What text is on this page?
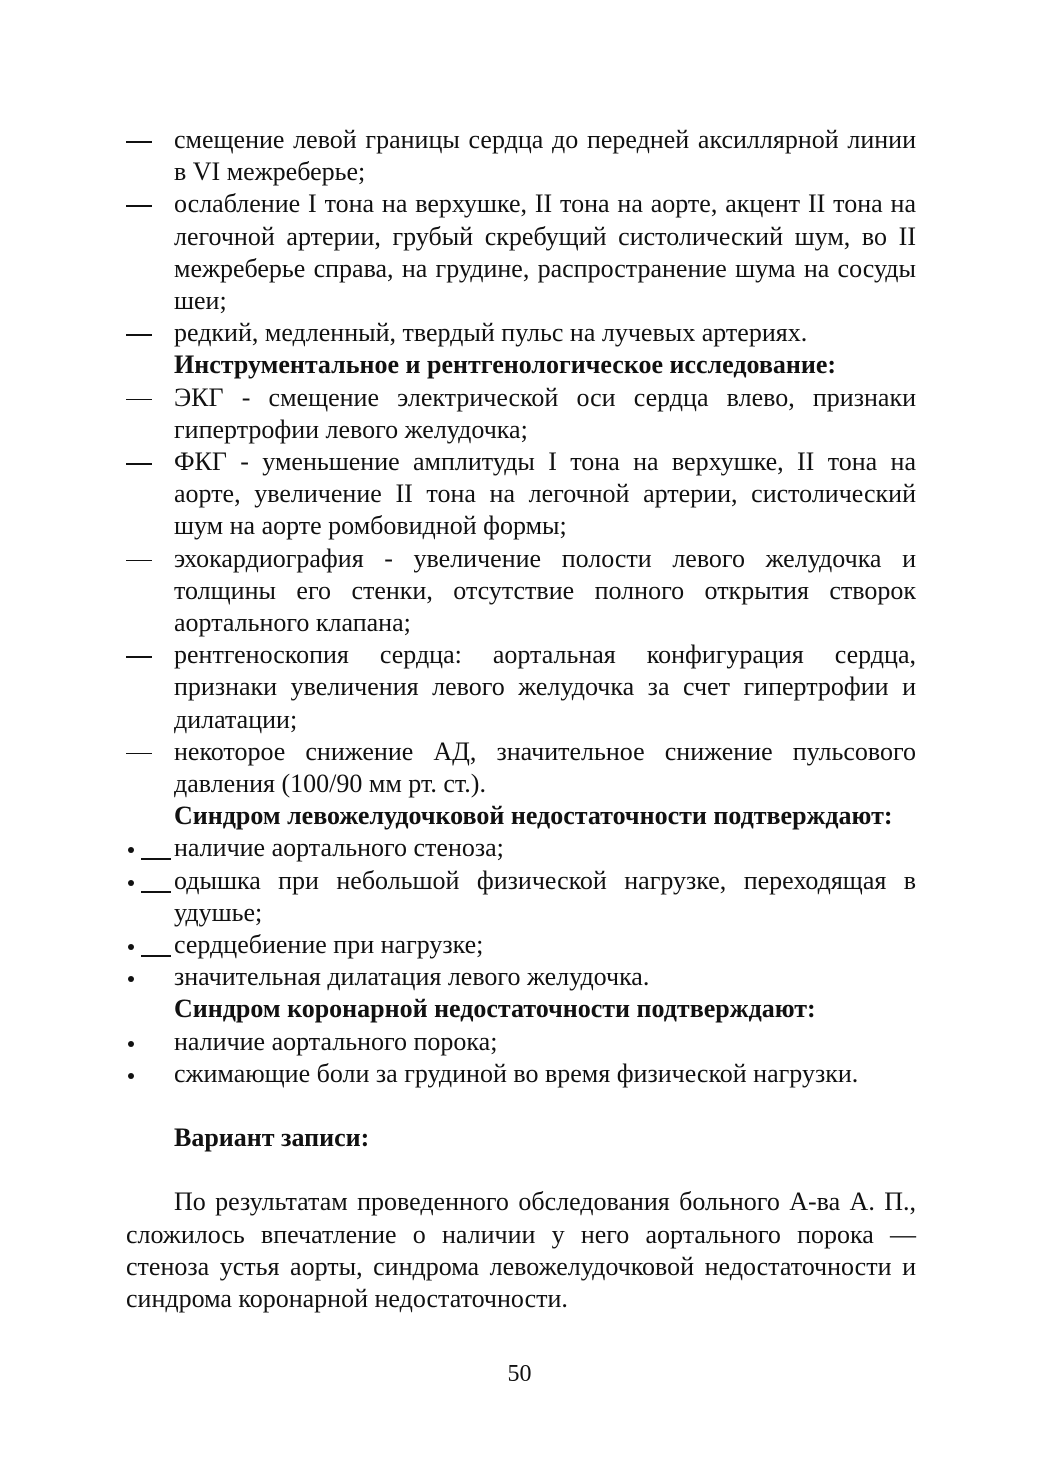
смещение левой границы сердца до передней аксиллярной линии в VI межреберье;
ослабление I тона на верхушке, II тона на аорте, акцент II тона на легочной артерии, грубый скребущий систолический шум, во II межреберье справа, на грудине, распространение шума на сосуды шеи;
редкий, медленный, твердый пульс на лучевых артериях.
Инструментальное и рентгенологическое исследование:
ЭКГ - смещение электрической оси сердца влево, признаки гипертрофии левого желудочка;
ФКГ - уменьшение амплитуды I тона на верхушке, II тона на аорте, увеличение II тона на легочной артерии, систолический шум на аорте ромбовидной формы;
эхокардиография - увеличение полости левого желудочка и толщины его стенки, отсутствие полного открытия створок аортального клапана;
рентгеноскопия сердца: аортальная конфигурация сердца, признаки увеличения левого желудочка за счет гипертрофии и дилатации;
некоторое снижение АД, значительное снижение пульсового давления (100/90 мм рт. ст.).
Синдром левожелудочковой недостаточности подтверждают:
наличие аортального стеноза;
одышка при небольшой физической нагрузке, переходящая в удушье;
сердцебиение при нагрузке;
значительная дилатация левого желудочка.
Синдром коронарной недостаточности подтверждают:
наличие аортального порока;
сжимающие боли за грудиной во время физической нагрузки.
Вариант записи:
По результатам проведенного обследования больного А-ва А. П., сложилось впечатление о наличии у него аортального порока — стеноза устья аорты, синдрома левожелудочковой недостаточности и синдрома коронарной недостаточности.
50
